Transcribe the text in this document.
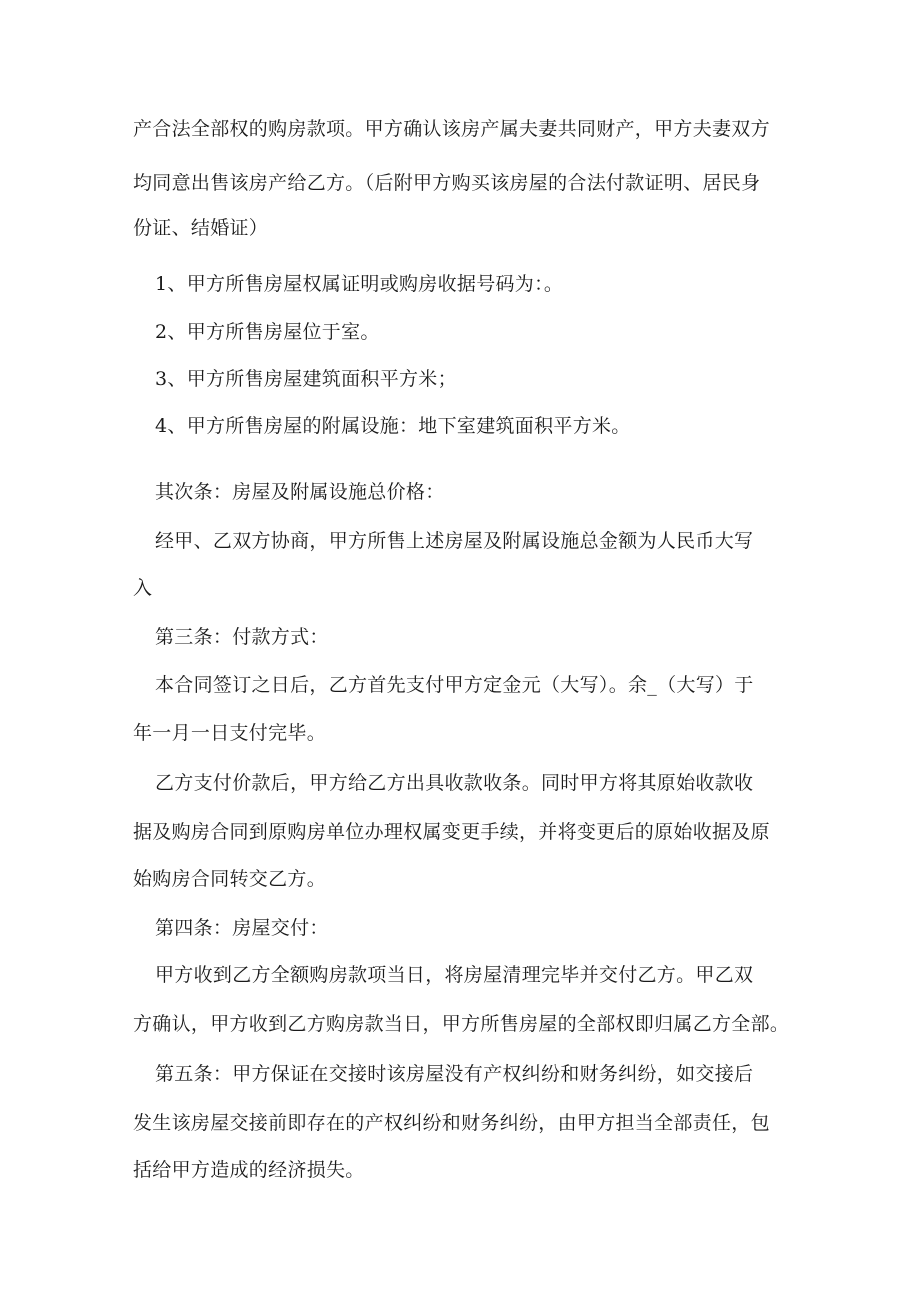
产合法全部权的购房款项。甲方确认该房产属夫妻共同财产，甲方夫妻双方
均同意出售该房产给乙方。（后附甲方购买该房屋的合法付款证明、居民身
份证、结婚证）
1、甲方所售房屋权属证明或购房收据号码为：。
2、甲方所售房屋位于室。
3、甲方所售房屋建筑面积平方米；
4、甲方所售房屋的附属设施：地下室建筑面积平方米。
其次条：房屋及附属设施总价格：
经甲、乙双方协商，甲方所售上述房屋及附属设施总金额为人民币大写
入
第三条：付款方式：
本合同签订之日后，乙方首先支付甲方定金元（大写）。余_（大写）于
年一月一日支付完毕。
乙方支付价款后，甲方给乙方出具收款收条。同时甲方将其原始收款收
据及购房合同到原购房单位办理权属变更手续，并将变更后的原始收据及原
始购房合同转交乙方。
第四条：房屋交付：
甲方收到乙方全额购房款项当日，将房屋清理完毕并交付乙方。甲乙双
方确认，甲方收到乙方购房款当日，甲方所售房屋的全部权即归属乙方全部。
第五条：甲方保证在交接时该房屋没有产权纠纷和财务纠纷，如交接后
发生该房屋交接前即存在的产权纠纷和财务纠纷，由甲方担当全部责任，包
括给甲方造成的经济损失。
